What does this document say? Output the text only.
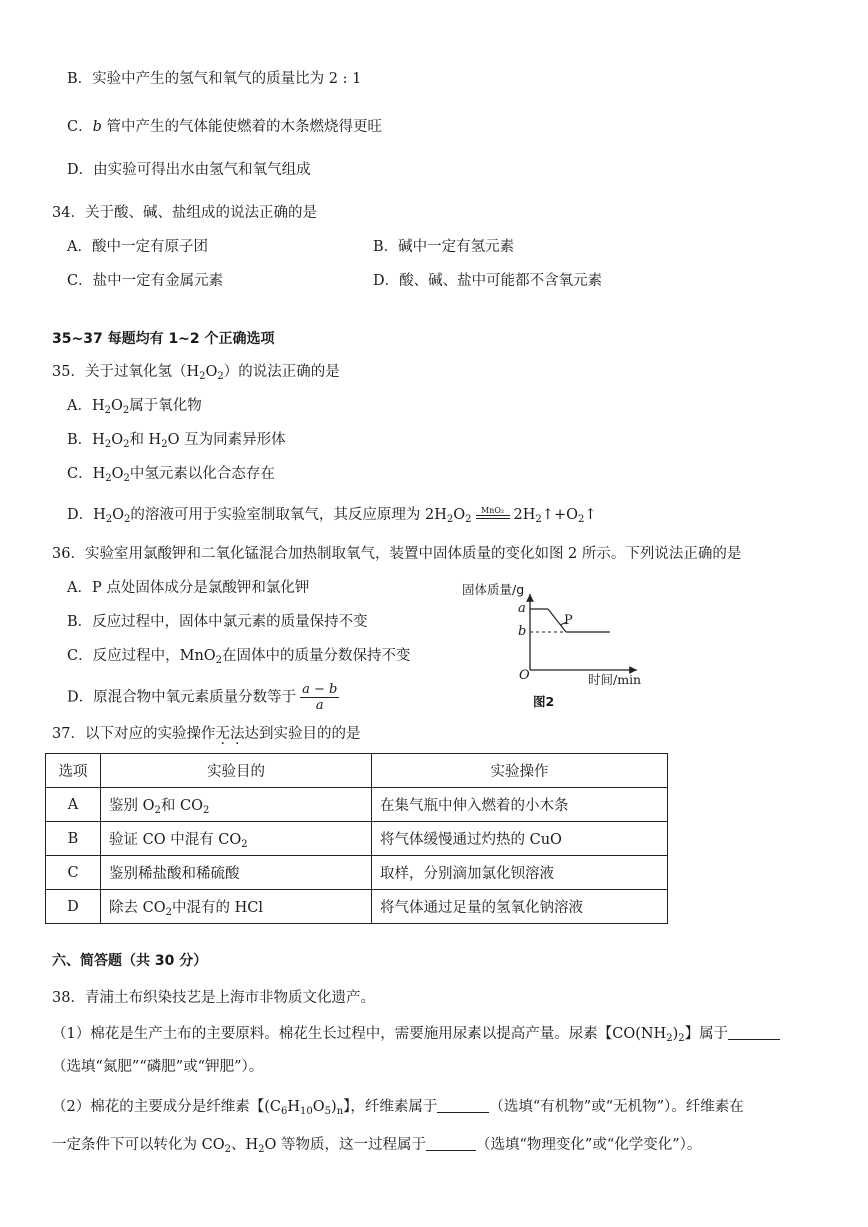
B．实验中产生的氢气和氧气的质量比为 2 : 1
C．b 管中产生的气体能使燃着的木条燃烧得更旺
D．由实验可得出水由氢气和氧气组成
34．关于酸、碱、盐组成的说法正确的是
A．酸中一定有原子团	B．碱中一定有氢元素
C．盐中一定有金属元素	D．酸、碱、盐中可能都不含氧元素
35~37 每题均有 1~2 个正确选项
35．关于过氧化氢$(H_2O_2)$的说法正确的是
A．$H_2O_2$属于氧化物
B．$H_2O_2$和 $H_2O$ 互为同素异形体
C．$H_2O_2$中氢元素以化合态存在
D．$H_2O_2$的溶液可用于实验室制取氧气，其反应原理为 $2H_2O_2$
MnO₂ $2H_2↑+O_2↑$
36．实验室用氯酸钾和二氧化锰混合加热制取氧气，装置中固体质量的变化如图 2 所示。下列说法正确的是
A．P 点处固体成分是氯酸钾和氯化钾
B．反应过程中，固体中氯元素的质量保持不变
C．反应过程中，MnO$_2$在固体中的质量分数保持不变
D．原混合物中氧元素质量分数等于 $\frac{a - b}{a}$
固体质量/g
a
b
P
O	时间/min
图2
37．以下对应的实验操作无法达到实验目的的是
选项	实验目的	实验操作
A	鉴别 $O_2$和 $CO_2$	在集气瓶中伸入燃着的小木条
B	验证 CO 中混有 $CO_2$	将气体缓慢通过灼热的 CuO
C	鉴别稀盐酸和稀硫酸	取样，分别滴加氯化钡溶液
D	除去 $CO_2$中混有的 HCl	将气体通过足量的氢氧化钠溶液
六、简答题（共 30 分）
38．青浦土布织染技艺是上海市非物质文化遗产。
（1）棉花是生产土布的主要原料。棉花生长过程中，需要施用尿素以提高产量。尿素【$CO(NH_2)_2$】属于
（选填“氮肥”“磷肥”或“钾肥”）。
（2）棉花的主要成分是纤维素【$(C_6H_{10}O_5)_n$】，纤维素属于	（选填“有机物”或“无机物”）。纤维素在
一定条件下可以转化为 $CO_2$、$H_2O$ 等物质，这一过程属于	（选填“物理变化”或“化学变化”）。
